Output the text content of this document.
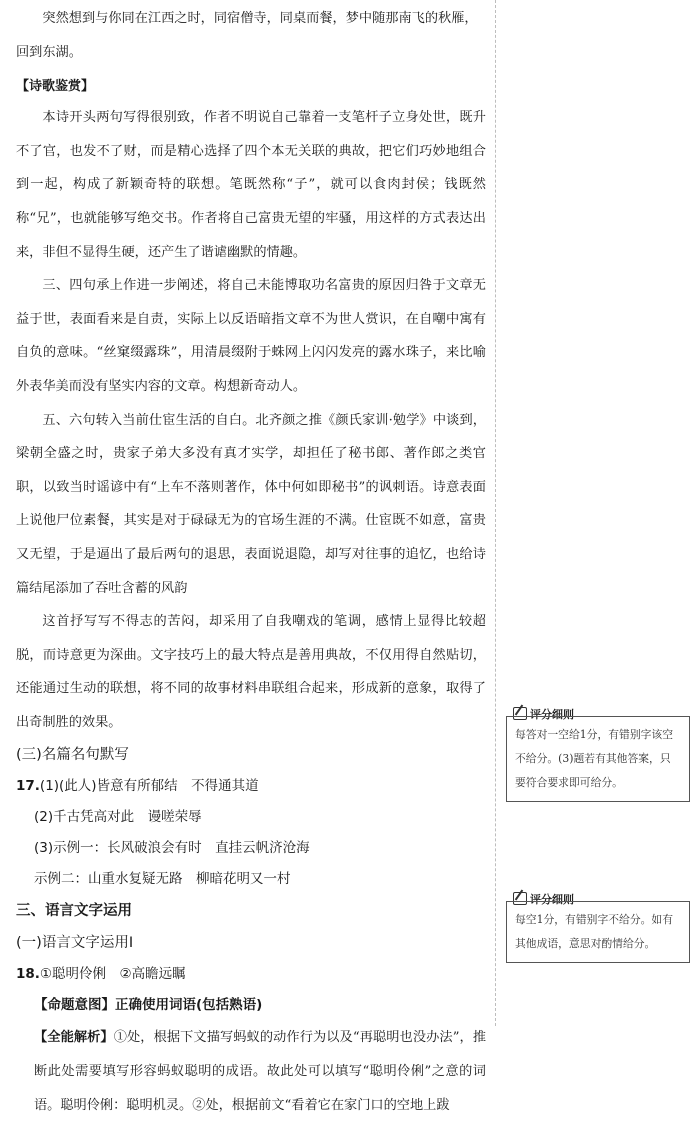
突然想到与你同在江西之时，同宿僧寺，同桌而餐，梦中随那南飞的秋雁，

回到东湖。

【诗歌鉴赏】

本诗开头两句写得很别致，作者不明说自己靠着一支笔杆子立身处世，既升不了官，也发不了财，而是精心选择了四个本无关联的典故，把它们巧妙地组合到一起，构成了新颖奇特的联想。笔既然称“子”，就可以食肉封侯；钱既然称“兄”，也就能够写绝交书。作者将自己富贵无望的牢骚，用这样的方式表达出来，非但不显得生硬，还产生了谐谑幽默的情趣。

三、四句承上作进一步阐述，将自己未能博取功名富贵的原因归咎于文章无益于世，表面看来是自责，实际上以反语暗指文章不为世人赏识，在自嘲中寓有自负的意味。“丝窠缀露珠”，用清晨缀附于蛛网上闪闪发亮的露水珠子，来比喻外表华美而没有坚实内容的文章。构想新奇动人。

五、六句转入当前仕宦生活的自白。北齐颜之推《颜氏家训·勉学》中谈到，梁朝全盛之时，贵家子弟大多没有真才实学，却担任了秘书郎、著作郎之类官职，以致当时谣谚中有“上车不落则著作，体中何如即秘书”的讽刺语。诗意表面上说他尸位素餐，其实是对于碌碌无为的官场生涯的不满。仕宦既不如意，富贵又无望，于是逼出了最后两句的退思，表面说退隐，却写对往事的追忆，也给诗篇结尾添加了吞吐含蓄的风韵

这首抒写写不得志的苦闷，却采用了自我嘲戏的笔调，感情上显得比较超脱，而诗意更为深曲。文字技巧上的最大特点是善用典故，不仅用得自然贴切，还能通过生动的联想，将不同的故事材料串联组合起来，形成新的意象，取得了出奇制胜的效果。

(三)名篇名句默写

17.(1)(此人)皆意有所郁结　不得通其道

(2)千古凭高对此　谩嗟荣辱

(3)示例一：长风破浪会有时　直挂云帆济沧海

示例二：山重水复疑无路　柳暗花明又一村

三、语言文字运用

(一)语言文字运用Ⅰ

18.①聪明伶俐　②高瞻远瞩

【命题意图】正确使用词语(包括熟语)

【全能解析】①处，根据下文描写蚂蚁的动作行为以及“再聪明也没办法”，推断此处需要填写形容蚂蚁聪明的成语。故此处可以填写“聪明伶俐”之意的词语。聪明伶俐：聪明机灵。②处，根据前文“看着它在家门口的空地上跋

评分细则
每答对一空给1分，有错别字该空不给分。(3)题若有其他答案，只要符合要求即可给分。
评分细则
每空1分，有错别字不给分。如有其他成语，意思对酌情给分。
